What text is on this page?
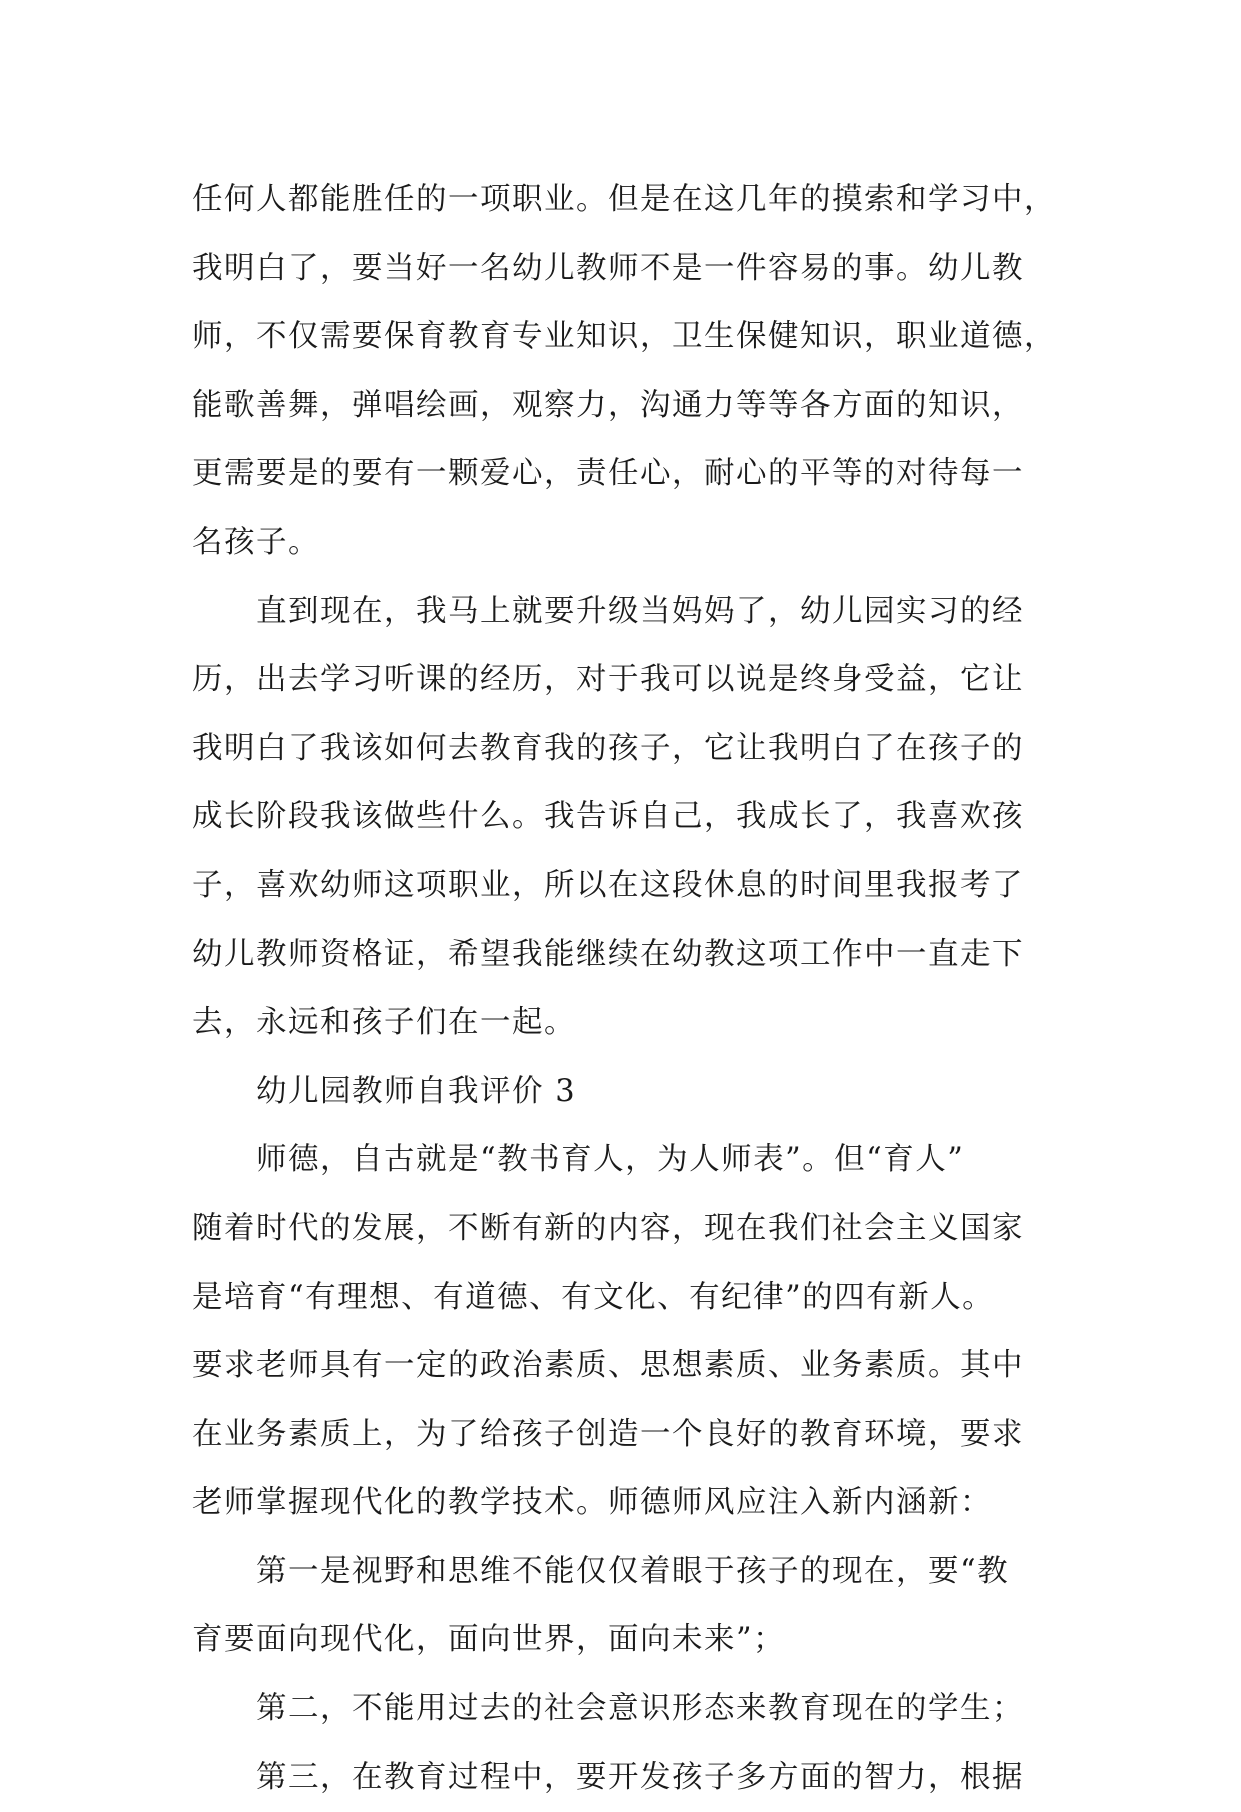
任何人都能胜任的一项职业。但是在这几年的摸索和学习中，
我明白了，要当好一名幼儿教师不是一件容易的事。幼儿教
师，不仅需要保育教育专业知识，卫生保健知识，职业道德，
能歌善舞，弹唱绘画，观察力，沟通力等等各方面的知识，
更需要是的要有一颗爱心，责任心，耐心的平等的对待每一
名孩子。
直到现在，我马上就要升级当妈妈了，幼儿园实习的经
历，出去学习听课的经历，对于我可以说是终身受益，它让
我明白了我该如何去教育我的孩子，它让我明白了在孩子的
成长阶段我该做些什么。我告诉自己，我成长了，我喜欢孩
子，喜欢幼师这项职业，所以在这段休息的时间里我报考了
幼儿教师资格证，希望我能继续在幼教这项工作中一直走下
去，永远和孩子们在一起。
幼儿园教师自我评价 3
师德，自古就是“教书育人，为人师表”。但“育人”
随着时代的发展，不断有新的内容，现在我们社会主义国家
是培育“有理想、有道德、有文化、有纪律”的四有新人。
要求老师具有一定的政治素质、思想素质、业务素质。其中
在业务素质上，为了给孩子创造一个良好的教育环境，要求
老师掌握现代化的教学技术。师德师风应注入新内涵新：
第一是视野和思维不能仅仅着眼于孩子的现在，要“教
育要面向现代化，面向世界，面向未来”；
第二，不能用过去的社会意识形态来教育现在的学生；
第三，在教育过程中，要开发孩子多方面的智力，根据
